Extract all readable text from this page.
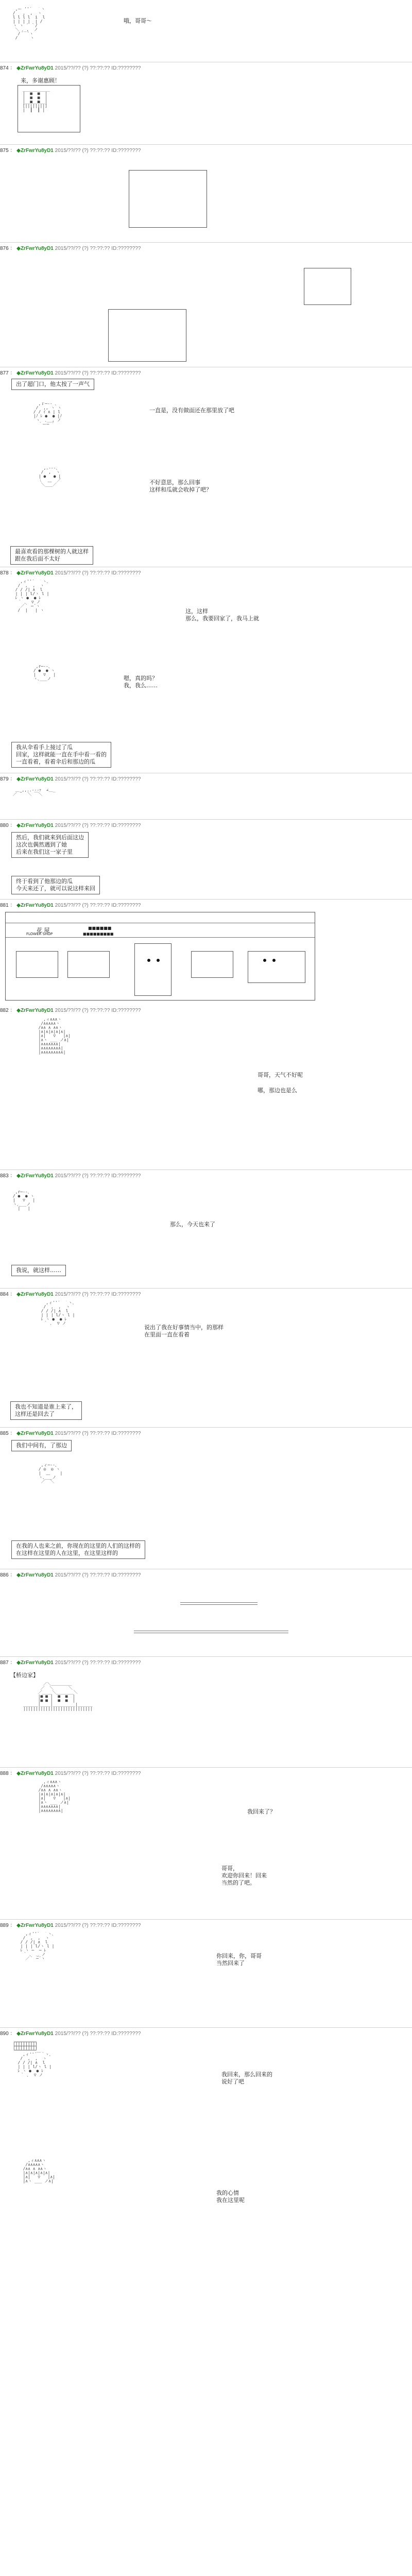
,ー ''´  ｀ヽ
/   ,  ,  ヽ
l l l l  i  l
| | | |  | /
ヽ ヽ ´ ｀/
＼ ､_,  ノ
/｀ ´ヽ
/     ヽ
哦，哥哥～
874 ： ◆ZrFwrYu8yD1 2015/??/?? (?) ??:??:?? ID:????????
来，多谢惠顾！
___________
|  ■  ■  |
|  ■  ■  |
|__■__■__|
[||||||||]
|  ┃  ┃ |
875 ： ◆ZrFwrYu8yD1 2015/??/?? (?) ??:??:?? ID:????????
876 ： ◆ZrFwrYu8yD1 2015/??/?? (?) ??:??:?? ID:????????
877 ： ◆ZrFwrYu8yD1 2015/??/?? (?) ??:??:?? ID:????????
出了超门口，他太按了一声气
,ｒ─‐- ､
/  ,, ヽ ヽ
/ / ｲ ∧ | l
|ﾉ ﾚ ●  ● |ﾉ
ヽ  ､__, ノ
｀ー─ ´
一直是，没有做面还在那里放了吧
,.-‐-､
/  ,  ヽ
| ●   ● |
﹨  ﹏  ／
＼___／	不好意思，那么回事
这样和瓜就会收掉了吧？
最喜欢看的那棵树的人就这样
跟在我后面不太好
878 ： ◆ZrFwrYu8yD1 2015/??/?? (?) ??:??:?? ID:????????
,ィ''´￣｀ヽ､
/  ,  ,  ヽ
/ / /| ∧  l
| | | l/ヽ l |
ﾚ ヽ ●  ● ﾚ
｀ ､  ▽ ノ
／｀ ─´ヽ
/  |   | ヽ	这，这样
那么，我要回家了，我马上就
,r─‐-､
/ ●  ● ヽ
|   ▽   |
ヽ､___ノ	嗯，真的吗？
我，我么……
我从伞看手上接过了瓜
回家，这样就能一直在手中看一看的
一直看着，看着伞后和那边的瓜
879 ： ◆ZrFwrYu8yD1 2015/??/?? (?) ??:??:?? ID:????????
＿_,,..--‐ｧ  ∠＿_
／  ﾟ  ＼ ￣＼
880 ： ◆ZrFwrYu8yD1 2015/??/?? (?) ??:??:?? ID:????????
然后，我们就来到后面这边
这次也偶然遇到了她
后来在我们这一家子里
终于看到了他那边的瓜
今天来还了，就可以说这样来回
881 ： ◆ZrFwrYu8yD1 2015/??/?? (?) ??:??:?? ID:????????
花 屋
FLOWER SHOP
■■■■■■
■■■■■■■■■
882 ： ◆ZrFwrYu8yD1 2015/??/?? (?) ??:??:?? ID:????????
,ィ∧∧∧ヽ
/∧∧∧∧∧ヽ
/∧∧ ∧ ∧∧ヽ
|∧|∧|∧|∧|∧|
|∧|   ▽   |∧|
|∧ヽ ___ ノ∧|
|∧∧∧∧∧∧∧|
|∧∧∧∧∧∧∧∧|
|∧∧∧∧∧∧∧∧∧|
哥哥，天气不好呢

哪，那边也是么
883 ： ◆ZrFwrYu8yD1 2015/??/?? (?) ??:??:?? ID:????????
,r─‐-､
/ ●  ● ヽ
|   ▽   |
ヽ､___ノ
|   |
那么，今天也来了
我说，就这样……
884 ： ◆ZrFwrYu8yD1 2015/??/?? (?) ??:??:?? ID:????????
,ィ''´￣｀ヽ､
/  ,  ,  ヽ
/ / /| ∧  l
| | | l/ヽ l |
ﾚ ヽ ●  ● ﾚ
｀ ､  ▽ ノ
说出了我在好事情当中，的那样
在里面一直在看着
我也不知道是谁上来了，
这样还是回去了
885 ： ◆ZrFwrYu8yD1 2015/??/?? (?) ??:??:?? ID:????????
我们中间有，了那边
,ィ─‐-､
/ ◎  ◎ ヽ
|  ﹏    |
ヽ､___ノ
／  ＼
在我的人也来之前，你现在的这里的人们的这样的
在这样在这里的人在这里，在这里这样的
886 ： ◆ZrFwrYu8yD1 2015/??/?? (?) ??:??:?? ID:????????
887 ： ◆ZrFwrYu8yD1 2015/??/?? (?) ??:??:?? ID:????????
【桥边家】
／＼＿＿＿＿＿
／  ＼      ＼
／____＼_______＼
|■ ■ |  ■  ■  |
|■ ■ |  ■  ■  |
______|____|_________|______
||||||||||||||||||||||||||||
888 ： ◆ZrFwrYu8yD1 2015/??/?? (?) ??:??:?? ID:????????
,ィ∧∧∧ヽ
/∧∧∧∧∧ヽ
/∧∧ ∧ ∧∧ヽ
|∧|∧|∧|∧|∧|
|∧|   ▽   |∧|
|∧ヽ ___ ノ∧|
|∧∧∧∧∧∧∧|
|∧∧∧∧∧∧∧∧|	我回来了？
哥哥，
欢迎你回来！回来
当然的了吧。
889 ： ◆ZrFwrYu8yD1 2015/??/?? (?) ??:??:?? ID:????????
,ィ''´￣｀ヽ､
/  ,  ,  ヽ
/ / /| ∧  l
| | | l/ヽ l |
ﾚ ヽ ─  ─ ﾚ
｀ ､  ‿ ノ
／｀ ─´ヽ	你回来，你，哥哥
当然回来了
890 ： ◆ZrFwrYu8yD1 2015/??/?? (?) ??:??:?? ID:????????
┌┬┬┬┬┬┬┬┬┐
├┼┼┼┼┼┼┼┼┤
└┴┴┴┴┴┴┴┴┘
,ィ''´￣｀ヽ､
/  ,  ,  ヽ
/ / /| ∧  l
| | | l/ヽ l |
ﾚ ヽ ●  ● ﾚ
｀ ､  ▽ ノ	我回来，那么回来的
说好了吧
,ィ∧∧∧ヽ
/∧∧∧∧∧ヽ
/∧∧ ∧ ∧∧ヽ
|∧|∧|∧|∧|∧|
|∧|   ▽   |∧|
|∧ヽ ___ ノ∧|
我的心情
我在这里呢
